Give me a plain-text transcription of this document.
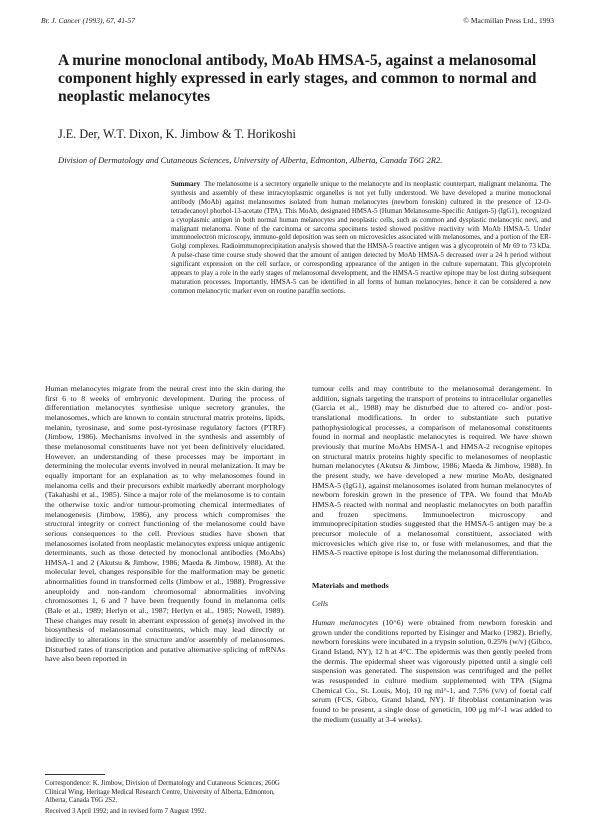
Br. J. Cancer (1993), 67, 41-57	© Macmillan Press Ltd., 1993
A murine monoclonal antibody, MoAb HMSA-5, against a melanosomal component highly expressed in early stages, and common to normal and neoplastic melanocytes
J.E. Der, W.T. Dixon, K. Jimbow & T. Horikoshi
Division of Dermatology and Cutaneous Sciences, University of Alberta, Edmonton, Alberta, Canada T6G 2R2.

Summary The melanosome is a secretory organelle unique to the melanocyte and its neoplastic counterpart, malignant melanoma. The synthesis and assembly of these intracytoplasmic organelles is not yet fully understood. We have developed a murine monoclonal antibody (MoAb) against melanosomes isolated from human melanocytes (newborn foreskin) cultured in the presence of 12-O-tetradecanoyl phorbol-13-acetate (TPA). This MoAb, designated HMSA-5 (Human Melanosome-Specific Antigen-5) (IgG1), recognized a cytoplasmic antigen in both normal human melanocytes and neoplastic cells, such as common and dysplastic melanocytic nevi, and malignant melanoma. None of the carcinoma or sarcoma specimens tested showed positive reactivity with MoAb HMSA-5. Under immunoelectron microscopy, immuno-gold deposition was seen on microvesicles associated with melanosomes, and a portion of the ER-Golgi complexes. Radioimmunoprecipitation analysis showed that the HMSA-5 reactive antigen was a glycoprotein of Mr 69 to 73 kDa. A pulse-chase time course study showed that the amount of antigen detected by MoAb HMSA-5 decreased over a 24 h period without significant expression on the cell surface, or corresponding appearance of the antigen in the culture supernatant. This glycoprotein appears to play a role in the early stages of melanosomal development, and the HMSA-5 reactive epitope may be lost during subsequent maturation processes. Importantly, HMSA-5 can be identified in all forms of human melanocytes, hence it can be considered a new common melanocytic marker even on routine paraffin sections.

Human melanocytes migrate from the neural crest into the skin during the first 6 to 8 weeks of embryonic development. During the process of differentiation melanocytes synthesise unique secretory granules, the melanosomes, which are known to contain structural matrix proteins, lipids, melanin, tyrosinase, and some post-tyrosinase regulatory factors (PTRF) (Jimbow, 1986). Mechanisms involved in the synthesis and assembly of these melanosomal constituents have not yet been definitively elucidated. However, an understanding of these processes may be important in determining the molecular events involved in neural melanization. It may be equally important for an explanation as to why melanosomes found in melanoma cells and their precursors exhibit markedly aberrant morphology (Takahashi et al., 1985). Since a major role of the melanosome is to contain the otherwise toxic and/or tumour-promoting chemical intermediates of melanogenesis (Jimbow, 1986), any process which compromises the structural integrity or correct functioning of the melanosome could have serious consequences to the cell. Previous studies have shown that melanosomes isolated from neoplastic melanocytes express unique antigenic determinants, such as those detected by monoclonal antibodies (MoAbs) HMSA-1 and 2 (Akutsu & Jimbow, 1986; Maeda & Jimbow, 1988). At the molecular level, changes responsible for the malformation may be genetic abnormalities found in transformed cells (Jimbow et al., 1988). Progressive aneuploidy and non-random chromosomal abnormalities involving chromosomes 1, 6 and 7 have been frequently found in melanoma cells (Bale et al., 1989; Herlyn et al., 1987; Herlyn et al., 1985; Nowell, 1989). These changes may result in aberrant expression of gene(s) involved in the biosynthesis of melanosomal constituents, which may lead directly or indirectly to alterations in the structure and/or assembly of melanosomes. Disturbed rates of transcription and putative alternative splicing of mRNAs have also been reported in

tumour cells and may contribute to the melanosomal derangement. In addition, signals targeting the transport of proteins to intracellular organelles (Garcia et al., 1988) may be disturbed due to altered co- and/or post-translational modifications. In order to substantiate such putative pathophysiological processes, a comparison of melanosomal constituents found in normal and neoplastic melanocytes is required. We have shown previously that murine MoAbs HMSA-1 and HMSA-2 recognise epitopes on structural matrix proteins highly specific to melanosomes of neoplastic human melanocytes (Akutsu & Jimbow, 1986; Maeda & Jimbow, 1988). In the present study, we have developed a new murine MoAb, designated HMSA-5 (IgG1), against melanosomes isolated from human melanocytes of newborn foreskin grown in the presence of TPA. We found that MoAb HMSA-5 reacted with normal and neoplastic melanocytes on both paraffin and frozen specimens. Immunoelectron microscopy and immunoprecipitation studies suggested that the HMSA-5 antigen may be a precursor molecule of a melanosomal constituent, associated with microvesicles which give rise to, or fuse with melanosomes, and that the HMSA-5 reactive epitope is lost during the melanosomal differentiation.

Materials and methods

Cells

Human melanocytes (10^6) were obtained from newborn foreskin and grown under the conditions reported by Eisinger and Marko (1982). Briefly, newborn foreskins were incubated in a trypsin solution, 0.25% (w/v) (Gibco, Grand Island, NY), 12 h at 4°C. The epidermis was then gently peeled from the dermis. The epidermal sheet was vigorously pipetted until a single cell suspension was generated. The suspension was centrifuged and the pellet was resuspended in culture medium supplemented with TPA (Sigma Chemical Co., St. Louis, Mo), 10 ng ml^-1, and 7.5% (v/v) of foetal calf serum (FCS, Gibco, Grand Island, NY). If fibroblast contamination was found to be present, a single dose of geneticin, 100 μg ml^-1 was added to the medium (usually at 3-4 weeks).

Correspondence: K. Jimbow, Division of Dermatology and Cutaneous Sciences, 260G Clinical Wing, Heritage Medical Research Centre, University of Alberta, Edmonton, Alberta, Canada T6G 2S2.

Received 3 April 1992; and in revised form 7 August 1992.
